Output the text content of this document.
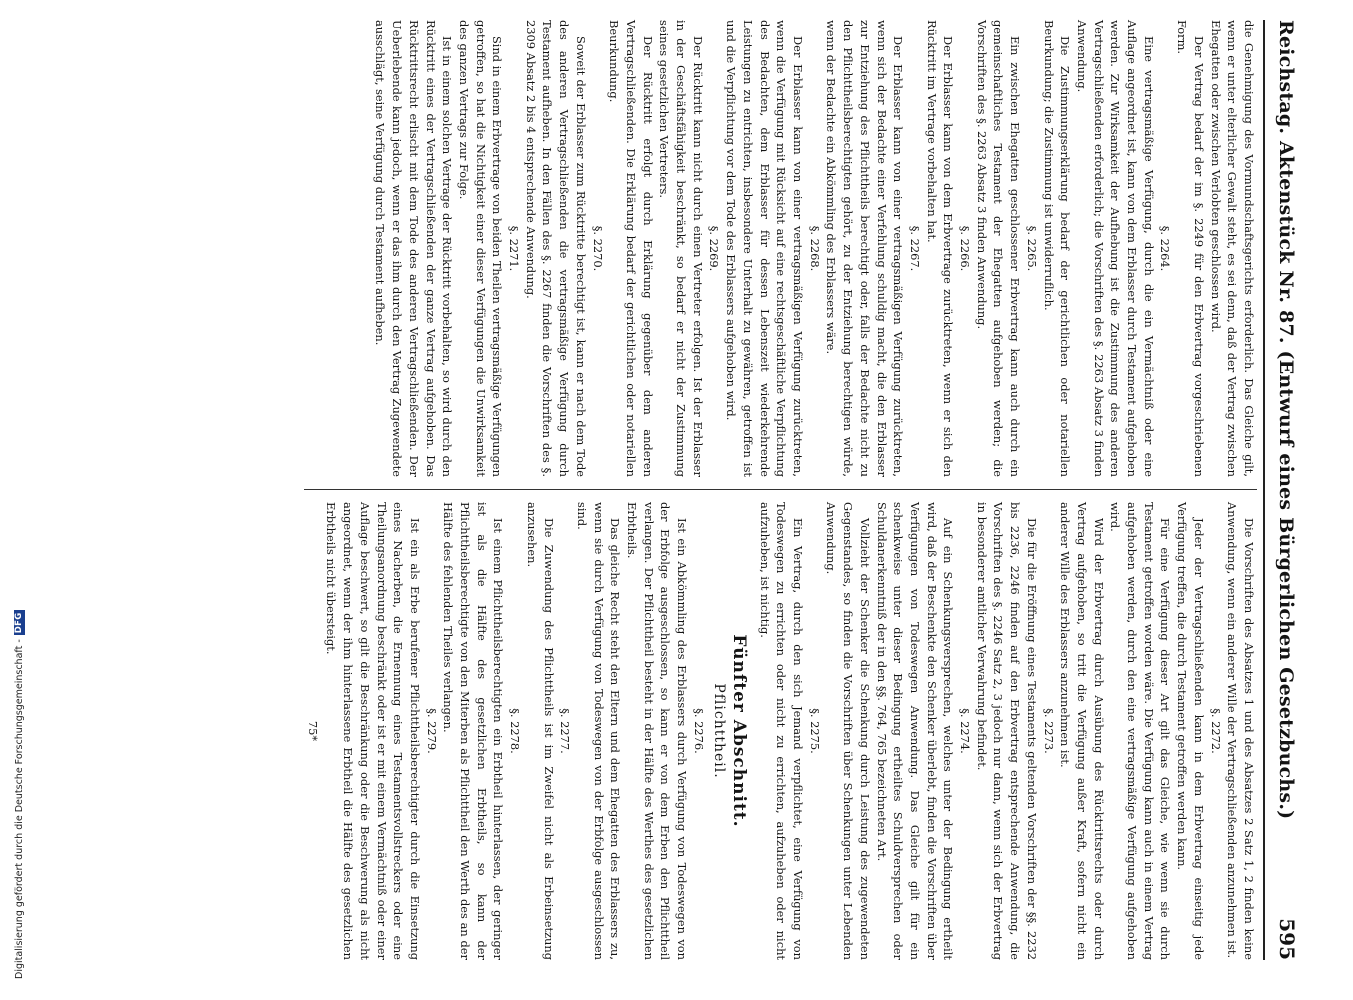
Reichstag. Aktenstück Nr. 87. (Entwurf eines Bürgerlichen Gesetzbuchs.)
595

die Genehmigung des Vormundschaftsgerichts erforderlich. Das Gleiche gilt, wenn er unter elterlicher Gewalt steht, es sei denn, daß der Vertrag zwischen Ehegatten oder zwischen Verlobten geschlossen wird.

Der Vertrag bedarf der im §. 2249 für den Erbvertrag vorgeschriebenen Form.

§. 2264.

Eine vertragsmäßige Verfügung, durch die ein Vermächtniß oder eine Auflage angeordnet ist, kann von dem Erblasser durch Testament aufgehoben werden. Zur Wirksamkeit der Aufhebung ist die Zustimmung des anderen Vertragschließenden erforderlich; die Vorschriften des §. 2263 Absatz 3 finden Anwendung.

Die Zustimmungserklärung bedarf der gerichtlichen oder notariellen Beurkundung; die Zustimmung ist unwiderruflich.

§. 2265.

Ein zwischen Ehegatten geschlossener Erbvertrag kann auch durch ein gemeinschaftliches Testament der Ehegatten aufgehoben werden; die Vorschriften des §. 2263 Absatz 3 finden Anwendung.

§. 2266.

Der Erblasser kann von dem Erbvertrage zurücktreten, wenn er sich den Rücktritt im Vertrage vorbehalten hat.

§. 2267.

Der Erblasser kann von einer vertragsmäßigen Verfügung zurücktreten, wenn sich der Bedachte einer Verfehlung schuldig macht, die den Erblasser zur Entziehung des Pflichttheils berechtigt oder, falls der Bedachte nicht zu den Pflichttheilsberechtigten gehört, zu der Entziehung berechtigen würde, wenn der Bedachte ein Abkömmling des Erblassers wäre.

§. 2268.

Der Erblasser kann von einer vertragsmäßigen Verfügung zurücktreten, wenn die Verfügung mit Rücksicht auf eine rechtsgeschäftliche Verpflichtung des Bedachten, dem Erblasser für dessen Lebenszeit wiederkehrende Leistungen zu entrichten, insbesondere Unterhalt zu gewähren, getroffen ist und die Verpflichtung vor dem Tode des Erblassers aufgehoben wird.

§. 2269.

Der Rücktritt kann nicht durch einen Vertreter erfolgen. Ist der Erblasser in der Geschäftsfähigkeit beschränkt, so bedarf er nicht der Zustimmung seines gesetzlichen Vertreters.

Der Rücktritt erfolgt durch Erklärung gegenüber dem anderen Vertragschließenden. Die Erklärung bedarf der gerichtlichen oder notariellen Beurkundung.

§. 2270.

Soweit der Erblasser zum Rücktritte berechtigt ist, kann er nach dem Tode des anderen Vertragschließenden die vertragsmäßige Verfügung durch Testament aufheben. In den Fällen des §. 2267 finden die Vorschriften des §. 2309 Absatz 2 bis 4 entsprechende Anwendung.

§. 2271.

Sind in einem Erbvertrage von beiden Theilen vertragsmäßige Verfügungen getroffen, so hat die Nichtigkeit einer dieser Verfügungen die Unwirksamkeit des ganzen Vertrags zur Folge.

Ist in einem solchen Vertrage der Rücktritt vorbehalten, so wird durch den Rücktritt eines der Vertragschließenden der ganze Vertrag aufgehoben. Das Rücktrittsrecht erlischt mit dem Tode des anderen Vertragschließenden. Der Ueberlebende kann jedoch, wenn er das ihm durch den Vertrag Zugewendete ausschlägt, seine Verfügung durch Testament aufheben.

Die Vorschriften des Absatzes 1 und des Absatzes 2 Satz 1, 2 finden keine Anwendung, wenn ein anderer Wille der Vertragschließenden anzunehmen ist.

§. 2272.

Jeder der Vertragschließenden kann in dem Erbvertrag einseitig jede Verfügung treffen, die durch Testament getroffen werden kann.

Für eine Verfügung dieser Art gilt das Gleiche, wie wenn sie durch Testament getroffen worden wäre. Die Verfügung kann auch in einem Vertrag aufgehoben werden, durch den eine vertragsmäßige Verfügung aufgehoben wird.

Wird der Erbvertrag durch Ausübung des Rücktrittsrechts oder durch Vertrag aufgehoben, so tritt die Verfügung außer Kraft, sofern nicht ein anderer Wille des Erblassers anzunehmen ist.

§. 2273.

Die für die Eröffnung eines Testaments geltenden Vorschriften der §§. 2232 bis 2236, 2246 finden auf den Erbvertrag entsprechende Anwendung, die Vorschriften des §. 2246 Satz 2, 3 jedoch nur dann, wenn sich der Erbvertrag in besonderer amtlicher Verwahrung befindet.

§. 2274.

Auf ein Schenkungsversprechen, welches unter der Bedingung ertheilt wird, daß der Beschenkte den Schenker überlebt, finden die Vorschriften über Verfügungen von Todeswegen Anwendung. Das Gleiche gilt für ein schenkweise unter dieser Bedingung ertheiltes Schuldversprechen oder Schuldanerkenntniß der in den §§. 764, 765 bezeichneten Art.

Vollzieht der Schenker die Schenkung durch Leistung des zugewendeten Gegenstandes, so finden die Vorschriften über Schenkungen unter Lebenden Anwendung.

§. 2275.

Ein Vertrag, durch den sich Jemand verpflichtet, eine Verfügung von Todeswegen zu errichten oder nicht zu errichten, aufzuheben oder nicht aufzuheben, ist nichtig.

Fünfter Abschnitt.
Pflichttheil.
§. 2276.

Ist ein Abkömmling des Erblassers durch Verfügung von Todeswegen von der Erbfolge ausgeschlossen, so kann er von dem Erben den Pflichttheil verlangen. Der Pflichttheil besteht in der Hälfte des Werthes des gesetzlichen Erbtheils.

Das gleiche Recht steht den Eltern und dem Ehegatten des Erblassers zu, wenn sie durch Verfügung von Todeswegen von der Erbfolge ausgeschlossen sind.

§. 2277.

Die Zuwendung des Pflichttheils ist im Zweifel nicht als Erbeinsetzung anzusehen.

§. 2278.

Ist einem Pflichttheilsberechtigten ein Erbtheil hinterlassen, der geringer ist als die Hälfte des gesetzlichen Erbtheils, so kann der Pflichttheilsberechtigte von den Miterben als Pflichttheil den Werth des an der Hälfte des fehlenden Theiles verlangen.

§. 2279.

Ist ein als Erbe berufener Pflichttheilsberechtigter durch die Einsetzung eines Nacherben, die Ernennung eines Testamentsvollstreckers oder eine Theilungsanordnung beschränkt oder ist er mit einem Vermächtniß oder einer Auflage beschwert, so gilt die Beschränkung oder die Beschwerung als nicht angeordnet, wenn der ihm hinterlassene Erbtheil die Hälfte des gesetzlichen Erbtheils nicht übersteigt.

75*
Digitalisierung gefördert durch die Deutsche Forschungsgemeinschaft -
DFG
